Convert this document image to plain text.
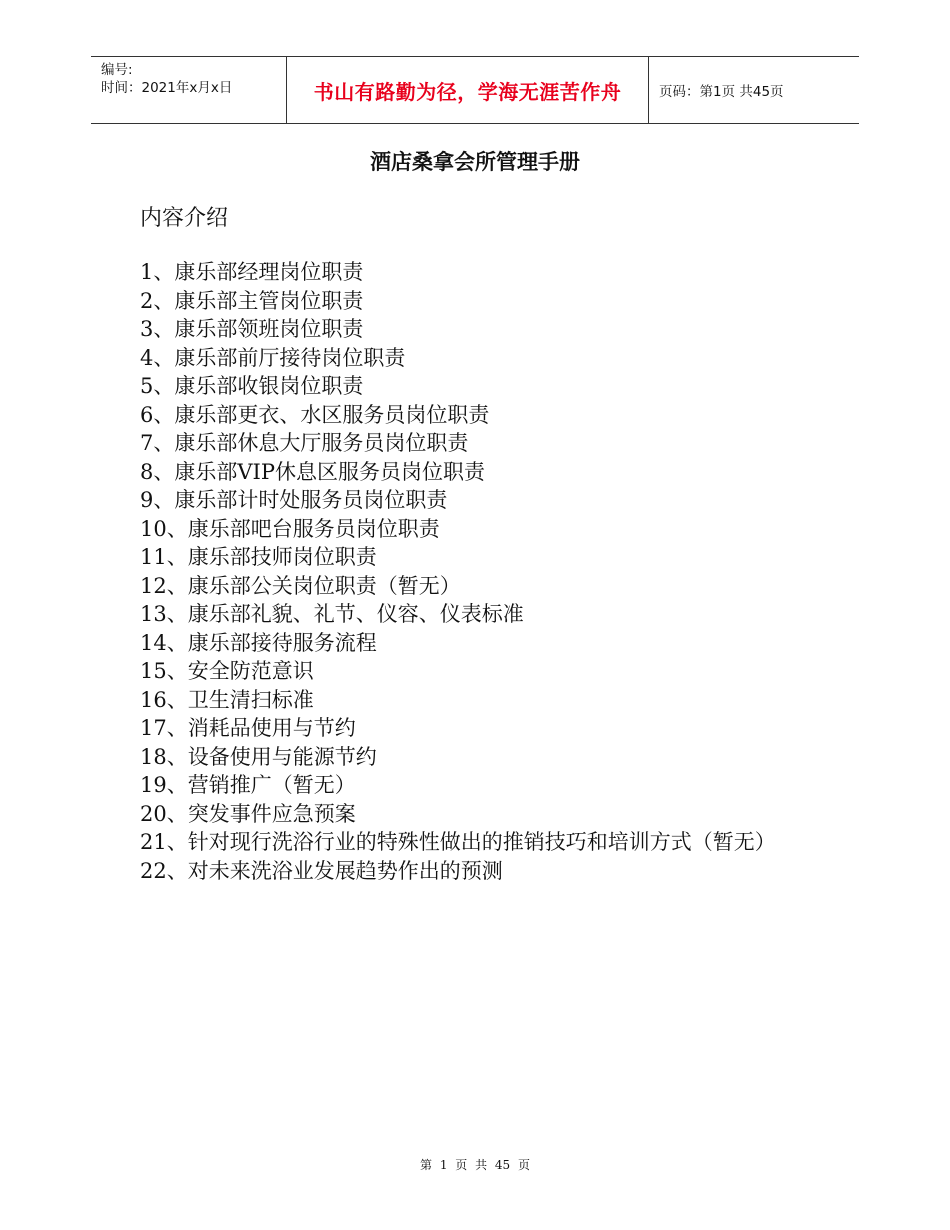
编号:
时间：2021年x月x日	书山有路勤为径，学海无涯苦作舟	页码：第1页 共45页
酒店桑拿会所管理手册

内容介绍

1、康乐部经理岗位职责
2、康乐部主管岗位职责
3、康乐部领班岗位职责
4、康乐部前厅接待岗位职责
5、康乐部收银岗位职责
6、康乐部更衣、水区服务员岗位职责
7、康乐部休息大厅服务员岗位职责
8、康乐部VIP休息区服务员岗位职责
9、康乐部计时处服务员岗位职责
10、康乐部吧台服务员岗位职责
11、康乐部技师岗位职责
12、康乐部公关岗位职责（暂无）
13、康乐部礼貌、礼节、仪容、仪表标准
14、康乐部接待服务流程
15、安全防范意识
16、卫生清扫标准
17、消耗品使用与节约
18、设备使用与能源节约
19、营销推广（暂无）
20、突发事件应急预案
21、针对现行洗浴行业的特殊性做出的推销技巧和培训方式（暂无）
22、对未来洗浴业发展趋势作出的预测
第 1 页 共 45 页
